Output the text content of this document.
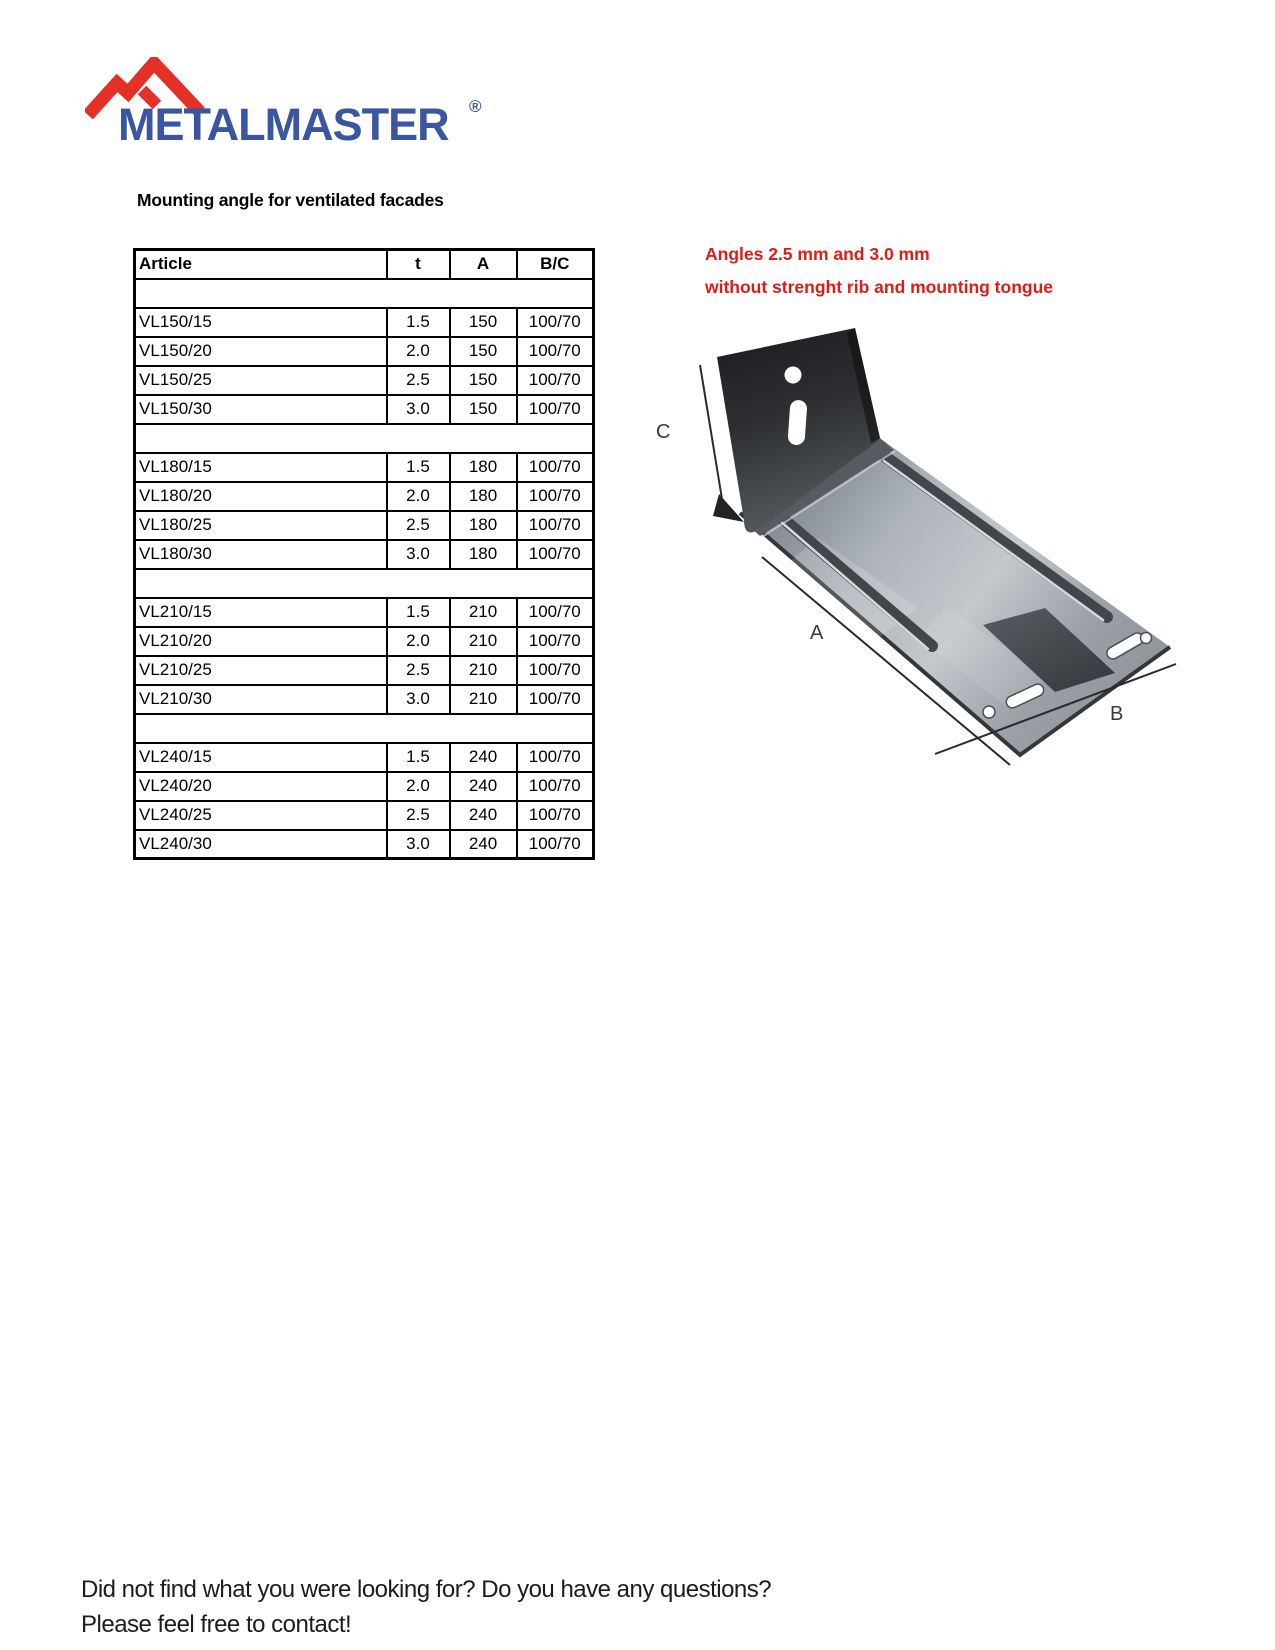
METALMASTER ®
Mounting angle for ventilated facades
Article	t	A	B/C

VL150/15	1.5	150	100/70
VL150/20	2.0	150	100/70
VL150/25	2.5	150	100/70
VL150/30	3.0	150	100/70

VL180/15	1.5	180	100/70
VL180/20	2.0	180	100/70
VL180/25	2.5	180	100/70
VL180/30	3.0	180	100/70

VL210/15	1.5	210	100/70
VL210/20	2.0	210	100/70
VL210/25	2.5	210	100/70
VL210/30	3.0	210	100/70

VL240/15	1.5	240	100/70
VL240/20	2.0	240	100/70
VL240/25	2.5	240	100/70
VL240/30	3.0	240	100/70
Angles 2.5 mm and 3.0 mm
without strenght rib and mounting tongue
C
A
B
Did not find what you were looking for? Do you have any questions?
Please feel free to contact!
